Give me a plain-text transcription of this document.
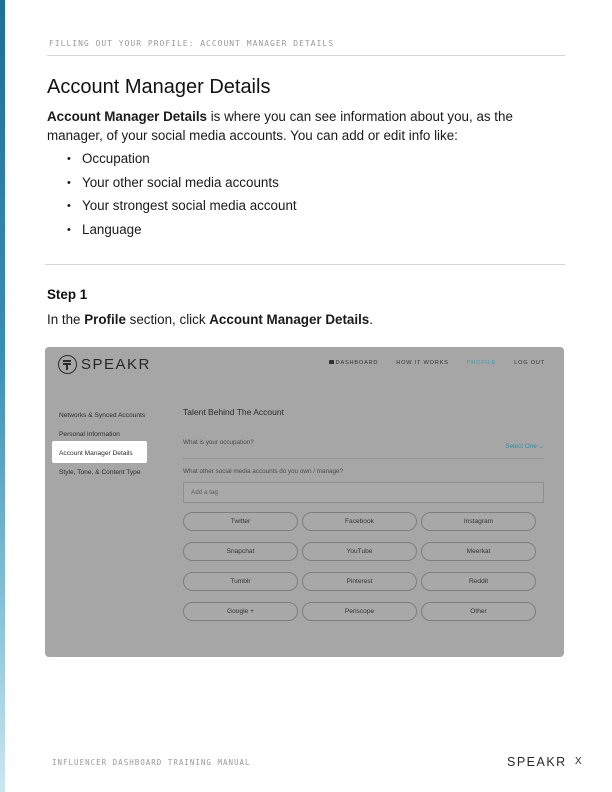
FILLING OUT YOUR PROFILE: ACCOUNT MANAGER DETAILS
Account Manager Details

Account Manager Details is where you can see information about you, as the manager, of your social media accounts. You can add or edit info like:

• Occupation
• Your other social media accounts
• Your strongest social media account
• Language
Step 1

In the Profile section, click Account Manager Details.

SPEAKR	DASHBOARD	HOW IT WORKS	PROFILE	LOG OUT
Networks & Synced Accounts
Personal Information
Account Manager Details
Style, Tone, & Content Type
Talent Behind The Account
What is your occupation?
Select One ⌄
What other social media accounts do you own / manage?
Add a tag
Twitter	Facebook	Instagram
Snapchat	YouTube	Meerkat
Tumblr	Pinterest	Reddit
Google +	Periscope	Other
INFLUENCER DASHBOARD TRAINING MANUAL	SPEAKR X
